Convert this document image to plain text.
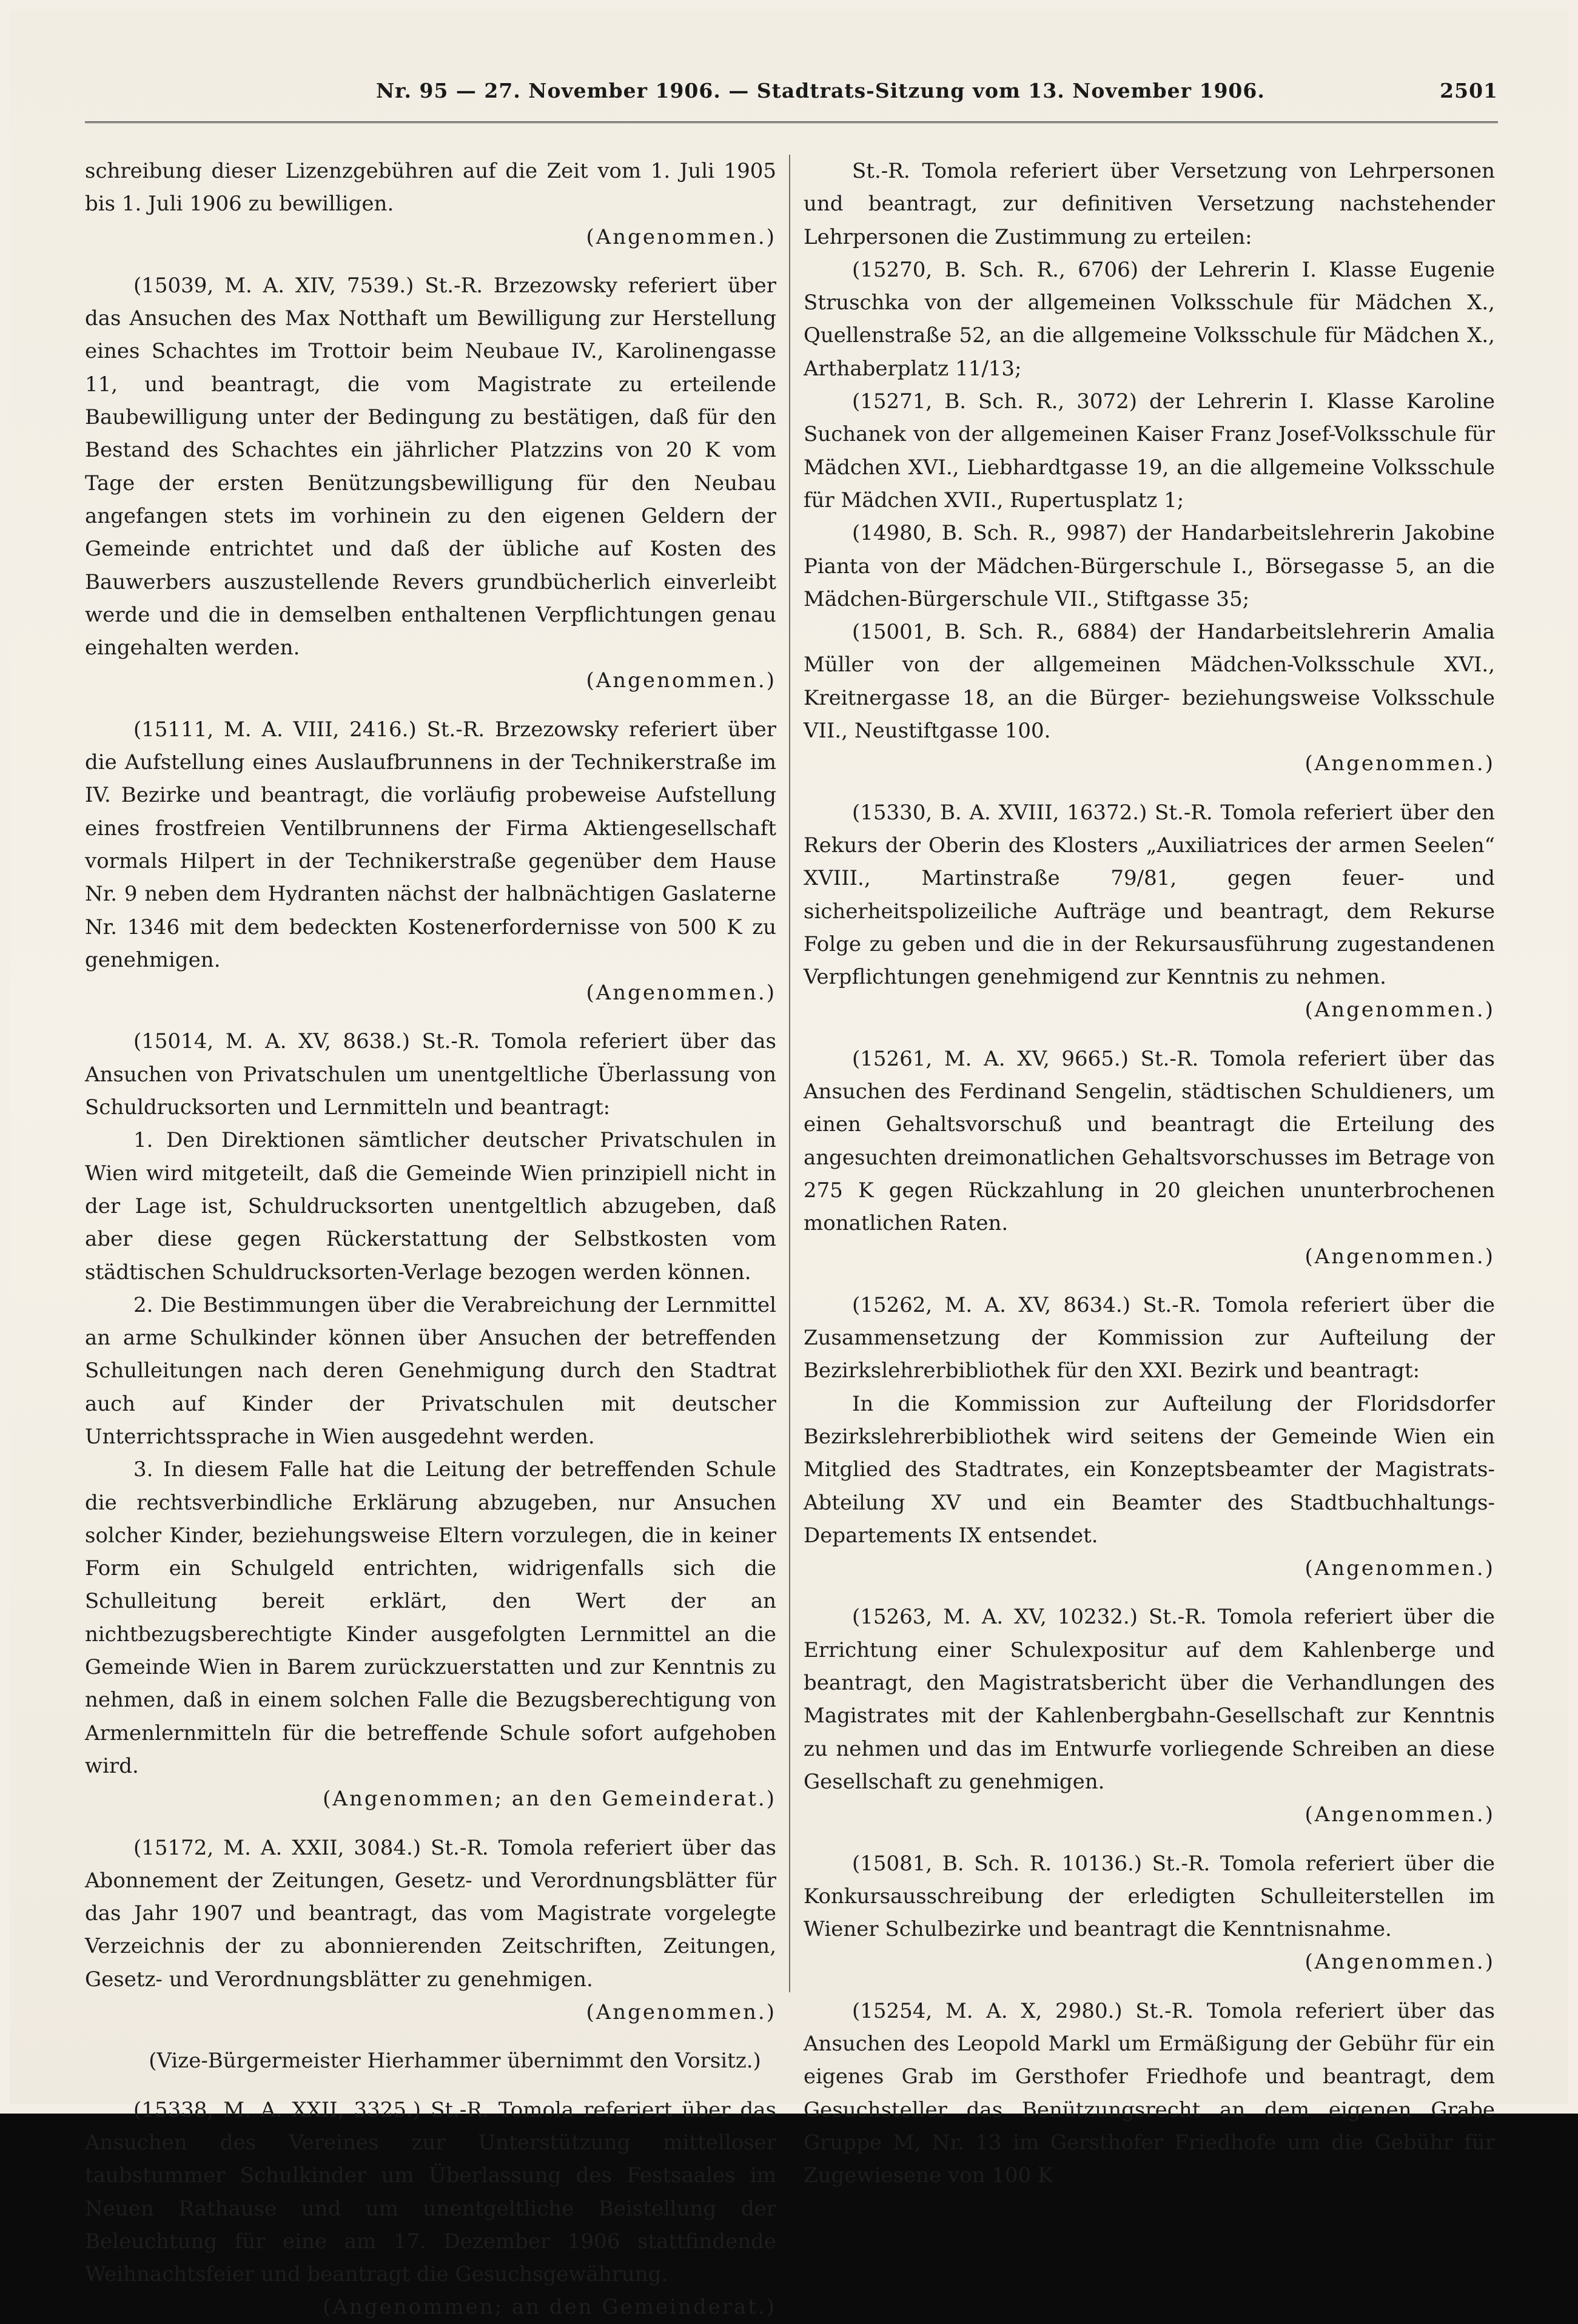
Nr. 95 — 27. November 1906. — Stadtrats-Sitzung vom 13. November 1906.	2501

schreibung dieser Lizenzgebühren auf die Zeit vom 1. Juli 1905 bis 1. Juli 1906 zu bewilligen.

(Angenommen.)

(15039, M. A. XIV, 7539.) St.-R. Brzezowsky referiert über das Ansuchen des Max Notthaft um Bewilligung zur Herstellung eines Schachtes im Trottoir beim Neubaue IV., Karolinengasse 11, und beantragt, die vom Magistrate zu erteilende Baubewilligung unter der Bedingung zu bestätigen, daß für den Bestand des Schachtes ein jährlicher Platzzins von 20 K vom Tage der ersten Benützungsbewilligung für den Neubau angefangen stets im vorhinein zu den eigenen Geldern der Gemeinde entrichtet und daß der übliche auf Kosten des Bauwerbers auszustellende Revers grundbücherlich einverleibt werde und die in demselben enthaltenen Verpflichtungen genau eingehalten werden.

(Angenommen.)

(15111, M. A. VIII, 2416.) St.-R. Brzezowsky referiert über die Aufstellung eines Auslaufbrunnens in der Technikerstraße im IV. Bezirke und beantragt, die vorläufig probeweise Aufstellung eines frostfreien Ventilbrunnens der Firma Aktiengesellschaft vormals Hilpert in der Technikerstraße gegenüber dem Hause Nr. 9 neben dem Hydranten nächst der halbnächtigen Gaslaterne Nr. 1346 mit dem bedeckten Kostenerfordernisse von 500 K zu genehmigen.

(Angenommen.)

(15014, M. A. XV, 8638.) St.-R. Tomola referiert über das Ansuchen von Privatschulen um unentgeltliche Überlassung von Schuldrucksorten und Lernmitteln und beantragt:

1. Den Direktionen sämtlicher deutscher Privatschulen in Wien wird mitgeteilt, daß die Gemeinde Wien prinzipiell nicht in der Lage ist, Schuldrucksorten unentgeltlich abzugeben, daß aber diese gegen Rückerstattung der Selbstkosten vom städtischen Schuldrucksorten-Verlage bezogen werden können.

2. Die Bestimmungen über die Verabreichung der Lernmittel an arme Schulkinder können über Ansuchen der betreffenden Schulleitungen nach deren Genehmigung durch den Stadtrat auch auf Kinder der Privatschulen mit deutscher Unterrichtssprache in Wien ausgedehnt werden.

3. In diesem Falle hat die Leitung der betreffenden Schule die rechtsverbindliche Erklärung abzugeben, nur Ansuchen solcher Kinder, beziehungsweise Eltern vorzulegen, die in keiner Form ein Schulgeld entrichten, widrigenfalls sich die Schulleitung bereit erklärt, den Wert der an nichtbezugsberechtigte Kinder ausgefolgten Lernmittel an die Gemeinde Wien in Barem zurückzuerstatten und zur Kenntnis zu nehmen, daß in einem solchen Falle die Bezugsberechtigung von Armenlernmitteln für die betreffende Schule sofort aufgehoben wird.

(Angenommen; an den Gemeinderat.)

(15172, M. A. XXII, 3084.) St.-R. Tomola referiert über das Abonnement der Zeitungen, Gesetz- und Verordnungsblätter für das Jahr 1907 und beantragt, das vom Magistrate vorgelegte Verzeichnis der zu abonnierenden Zeitschriften, Zeitungen, Gesetz- und Verordnungsblätter zu genehmigen.

(Angenommen.)

(Vize-Bürgermeister Hierhammer übernimmt den Vorsitz.)

(15338, M. A. XXII, 3325.) St.-R. Tomola referiert über das Ansuchen des Vereines zur Unterstützung mittelloser taubstummer Schulkinder um Überlassung des Festsaales im Neuen Rathause und um unentgeltliche Beistellung der Beleuchtung für eine am 17. Dezember 1906 stattfindende Weihnachtsfeier und beantragt die Gesuchsgewährung.

(Angenommen; an den Gemeinderat.)

St.-R. Tomola referiert über Versetzung von Lehrpersonen und beantragt, zur definitiven Versetzung nachstehender Lehrpersonen die Zustimmung zu erteilen:

(15270, B. Sch. R., 6706) der Lehrerin I. Klasse Eugenie Struschka von der allgemeinen Volksschule für Mädchen X., Quellenstraße 52, an die allgemeine Volksschule für Mädchen X., Arthaberplatz 11/13;

(15271, B. Sch. R., 3072) der Lehrerin I. Klasse Karoline Suchanek von der allgemeinen Kaiser Franz Josef-Volksschule für Mädchen XVI., Liebhardtgasse 19, an die allgemeine Volksschule für Mädchen XVII., Rupertusplatz 1;

(14980, B. Sch. R., 9987) der Handarbeitslehrerin Jakobine Pianta von der Mädchen-Bürgerschule I., Börsegasse 5, an die Mädchen-Bürgerschule VII., Stiftgasse 35;

(15001, B. Sch. R., 6884) der Handarbeitslehrerin Amalia Müller von der allgemeinen Mädchen-Volksschule XVI., Kreitnergasse 18, an die Bürger- beziehungsweise Volksschule VII., Neustiftgasse 100.

(Angenommen.)

(15330, B. A. XVIII, 16372.) St.-R. Tomola referiert über den Rekurs der Oberin des Klosters „Auxiliatrices der armen Seelen“ XVIII., Martinstraße 79/81, gegen feuer- und sicherheitspolizeiliche Aufträge und beantragt, dem Rekurse Folge zu geben und die in der Rekursausführung zugestandenen Verpflichtungen genehmigend zur Kenntnis zu nehmen.

(Angenommen.)

(15261, M. A. XV, 9665.) St.-R. Tomola referiert über das Ansuchen des Ferdinand Sengelin, städtischen Schuldieners, um einen Gehaltsvorschuß und beantragt die Erteilung des angesuchten dreimonatlichen Gehaltsvorschusses im Betrage von 275 K gegen Rückzahlung in 20 gleichen ununterbrochenen monatlichen Raten.

(Angenommen.)

(15262, M. A. XV, 8634.) St.-R. Tomola referiert über die Zusammensetzung der Kommission zur Aufteilung der Bezirkslehrerbibliothek für den XXI. Bezirk und beantragt:

In die Kommission zur Aufteilung der Floridsdorfer Bezirkslehrerbibliothek wird seitens der Gemeinde Wien ein Mitglied des Stadtrates, ein Konzeptsbeamter der Magistrats-Abteilung XV und ein Beamter des Stadtbuchhaltungs-Departements IX entsendet.

(Angenommen.)

(15263, M. A. XV, 10232.) St.-R. Tomola referiert über die Errichtung einer Schulexpositur auf dem Kahlenberge und beantragt, den Magistratsbericht über die Verhandlungen des Magistrates mit der Kahlenbergbahn-Gesellschaft zur Kenntnis zu nehmen und das im Entwurfe vorliegende Schreiben an diese Gesellschaft zu genehmigen.

(Angenommen.)

(15081, B. Sch. R. 10136.) St.-R. Tomola referiert über die Konkursausschreibung der erledigten Schulleiterstellen im Wiener Schulbezirke und beantragt die Kenntnisnahme.

(Angenommen.)

(15254, M. A. X, 2980.) St.-R. Tomola referiert über das Ansuchen des Leopold Markl um Ermäßigung der Gebühr für ein eigenes Grab im Gersthofer Friedhofe und beantragt, dem Gesuchsteller das Benützungsrecht an dem eigenen Grabe Gruppe M, Nr. 13 im Gersthofer Friedhofe um die Gebühr für Zugewiesene von 100 K
